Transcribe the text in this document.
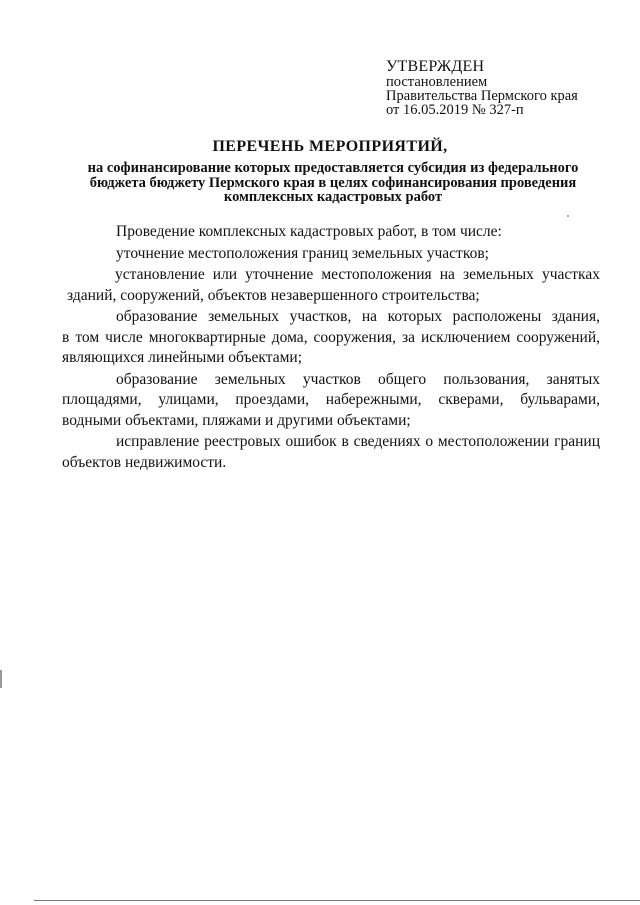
УТВЕРЖДЕН
постановлением
Правительства Пермского края
от 16.05.2019 № 327-п
ПЕРЕЧЕНЬ МЕРОПРИЯТИЙ,
на софинансирование которых предоставляется субсидия из федерального
бюджета бюджету Пермского края в целях софинансирования проведения
комплексных кадастровых работ
Проведение комплексных кадастровых работ, в том числе:
уточнение местоположения границ земельных участков;
установление или уточнение местоположения на земельных участках
зданий, сооружений, объектов незавершенного строительства;
образование земельных участков, на которых расположены здания,
в том числе многоквартирные дома, сооружения, за исключением сооружений,
являющихся линейными объектами;
образование земельных участков общего пользования, занятых
площадями, улицами, проездами, набережными, скверами, бульварами,
водными объектами, пляжами и другими объектами;
исправление реестровых ошибок в сведениях о местоположении границ
объектов недвижимости.
